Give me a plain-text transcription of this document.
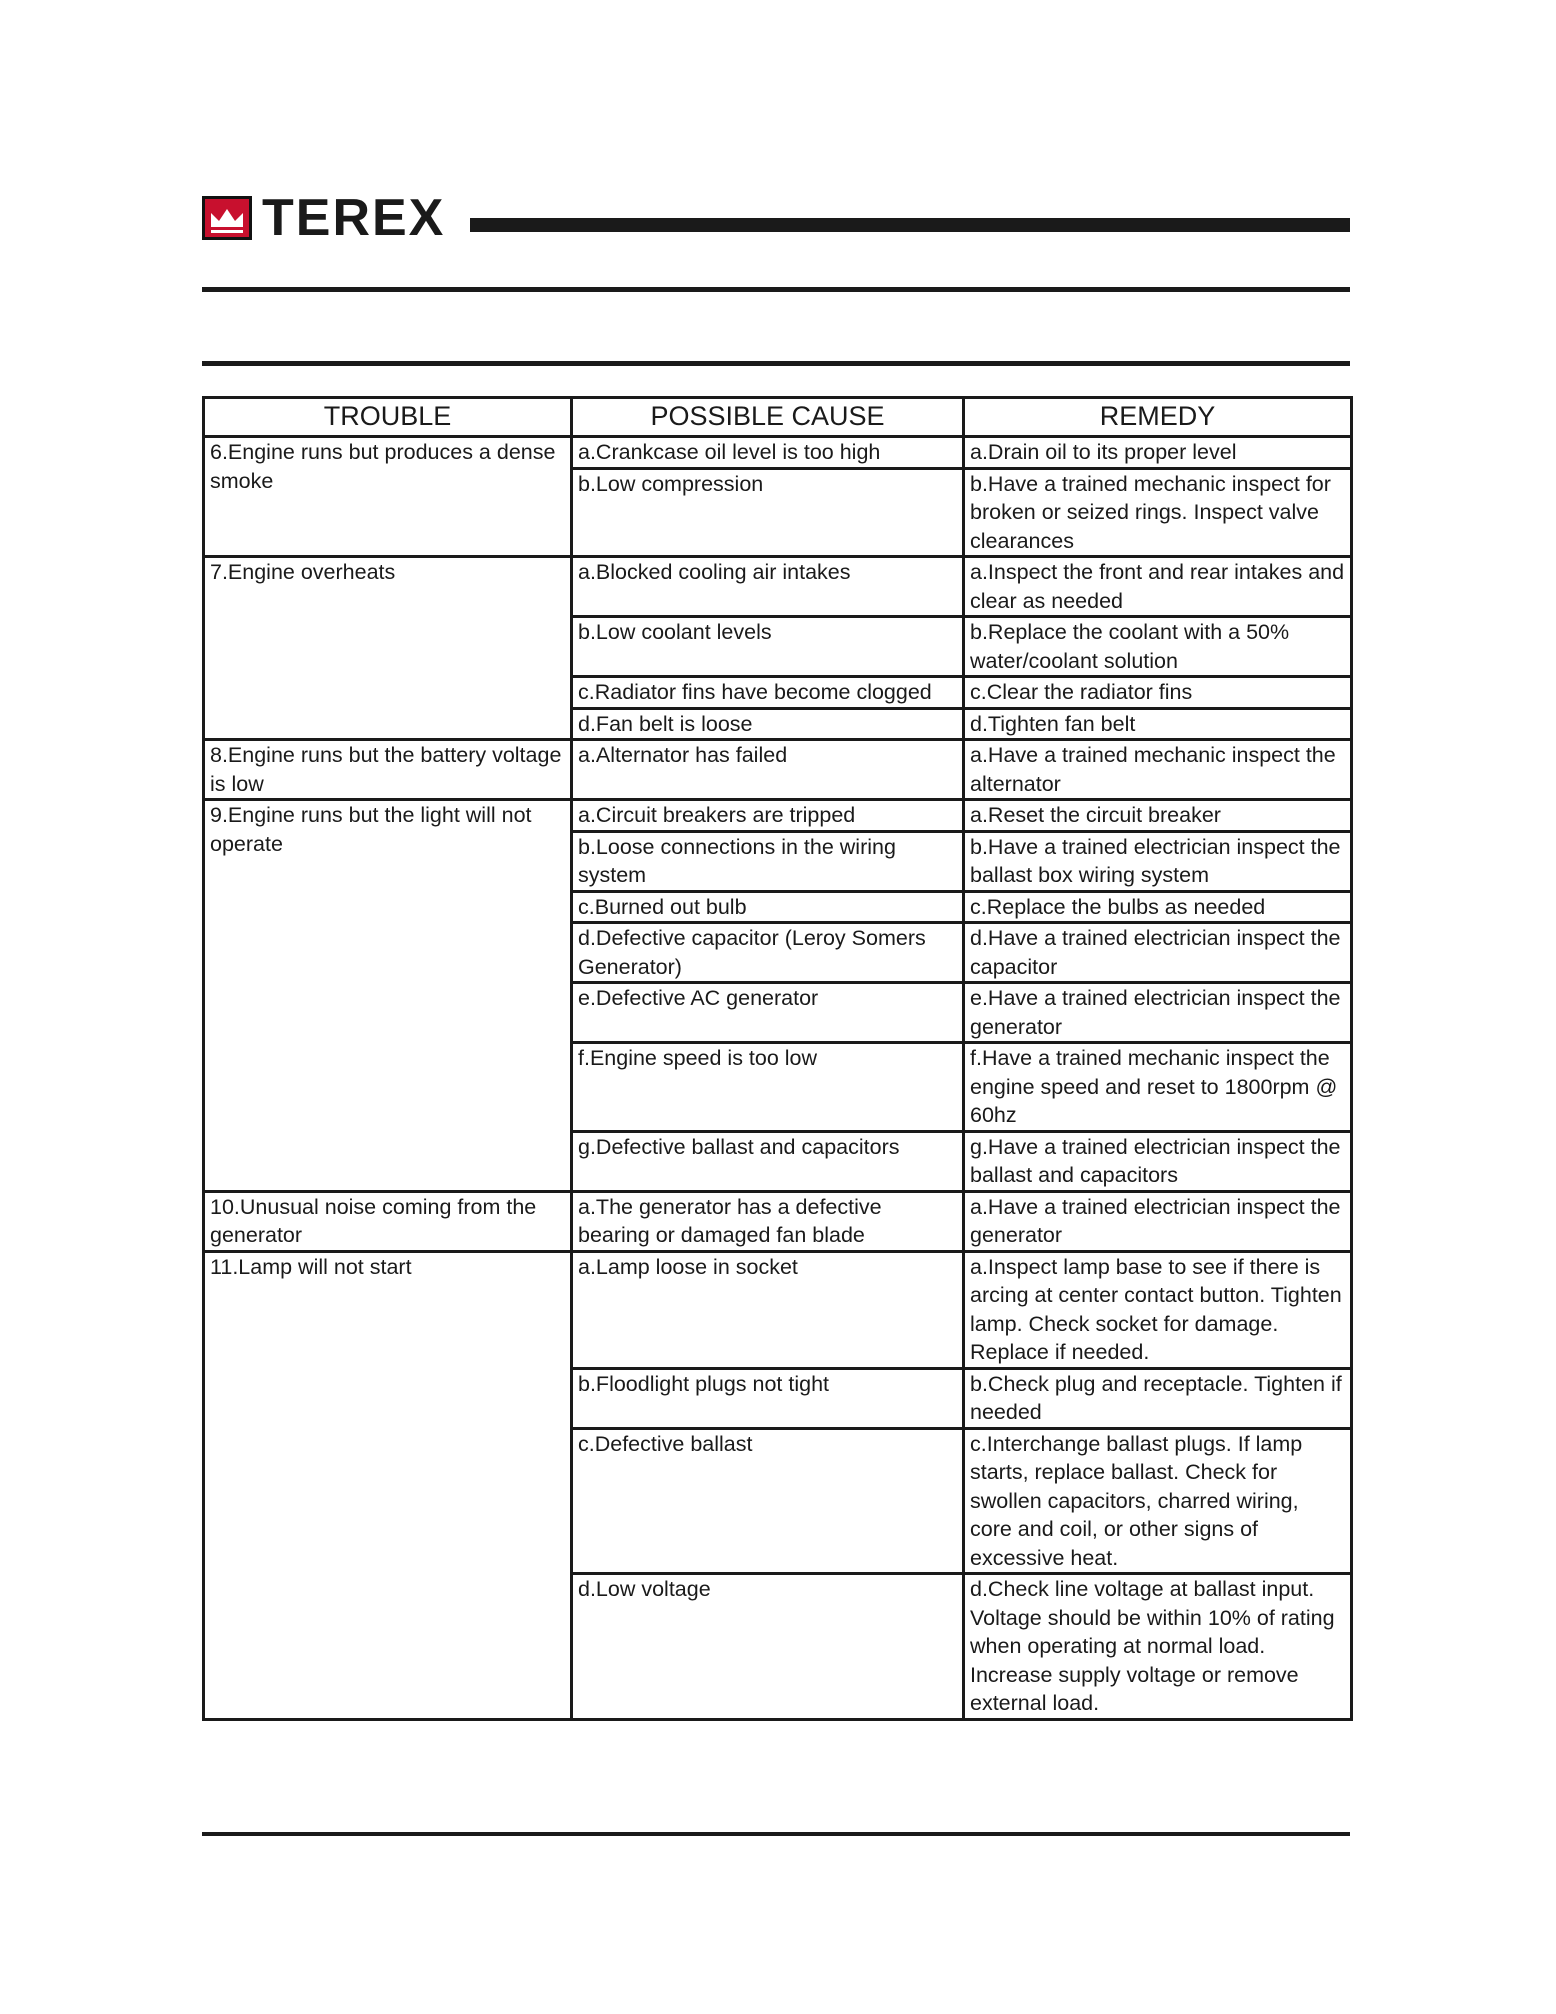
TEREX
TROUBLE	POSSIBLE CAUSE	REMEDY
6.Engine runs but produces a dense smoke	a.Crankcase oil level is too high	a.Drain oil to its proper level
	b.Low compression	b.Have a trained mechanic inspect for broken or seized rings. Inspect valve clearances
7.Engine overheats	a.Blocked cooling air intakes	a.Inspect the front and rear intakes and clear as needed
	b.Low coolant levels	b.Replace the coolant with a 50% water/coolant solution
	c.Radiator fins have become clogged	c.Clear the radiator fins
	d.Fan belt is loose	d.Tighten fan belt
8.Engine runs but the battery voltage is low	a.Alternator has failed	a.Have a trained mechanic inspect the alternator
9.Engine runs but the light will not operate	a.Circuit breakers are tripped	a.Reset the circuit breaker
	b.Loose connections in the wiring system	b.Have a trained electrician inspect the ballast box wiring system
	c.Burned out bulb	c.Replace the bulbs as needed
	d.Defective capacitor (Leroy Somers Generator)	d.Have a trained electrician inspect the capacitor
	e.Defective AC generator	e.Have a trained electrician inspect the generator
	f.Engine speed is too low	f.Have a trained mechanic inspect the engine speed and reset to 1800rpm @ 60hz
	g.Defective ballast and capacitors	g.Have a trained electrician inspect the ballast and capacitors
10.Unusual noise coming from the generator	a.The generator has a defective bearing or damaged fan blade	a.Have a trained electrician inspect the generator
11.Lamp will not start	a.Lamp loose in socket	a.Inspect lamp base to see if there is arcing at center contact button. Tighten lamp. Check socket for damage. Replace if needed.
	b.Floodlight plugs not tight	b.Check plug and receptacle. Tighten if needed
	c.Defective ballast	c.Interchange ballast plugs. If lamp starts, replace ballast. Check for swollen capacitors, charred wiring, core and coil, or other signs of excessive heat.
	d.Low voltage	d.Check line voltage at ballast input. Voltage should be within 10% of rating when operating at normal load. Increase supply voltage or remove external load.
